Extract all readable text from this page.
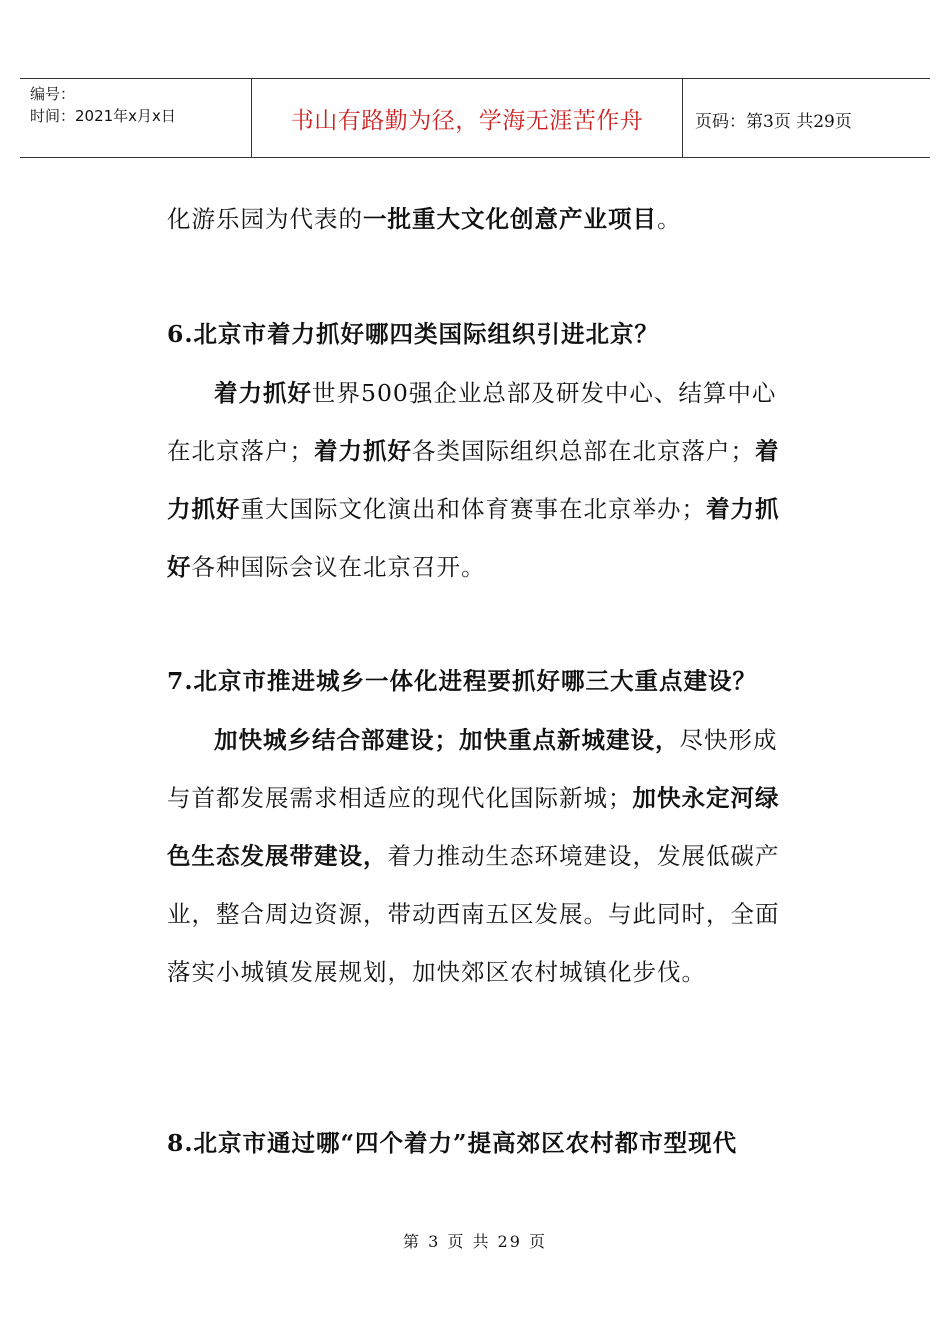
编号：
时间：2021年x月x日	书山有路勤为径，学海无涯苦作舟	页码：第3页 共29页

化游乐园为代表的一批重大文化创意产业项目。

6.北京市着力抓好哪四类国际组织引进北京？

着力抓好世界500强企业总部及研发中心、结算中心在北京落户；着力抓好各类国际组织总部在北京落户；着力抓好重大国际文化演出和体育赛事在北京举办；着力抓好各种国际会议在北京召开。

7.北京市推进城乡一体化进程要抓好哪三大重点建设？

加快城乡结合部建设；加快重点新城建设，尽快形成与首都发展需求相适应的现代化国际新城；加快永定河绿色生态发展带建设，着力推动生态环境建设，发展低碳产业，整合周边资源，带动西南五区发展。与此同时，全面落实小城镇发展规划，加快郊区农村城镇化步伐。

8.北京市通过哪“四个着力”提高郊区农村都市型现代

第 3 页 共 29 页
